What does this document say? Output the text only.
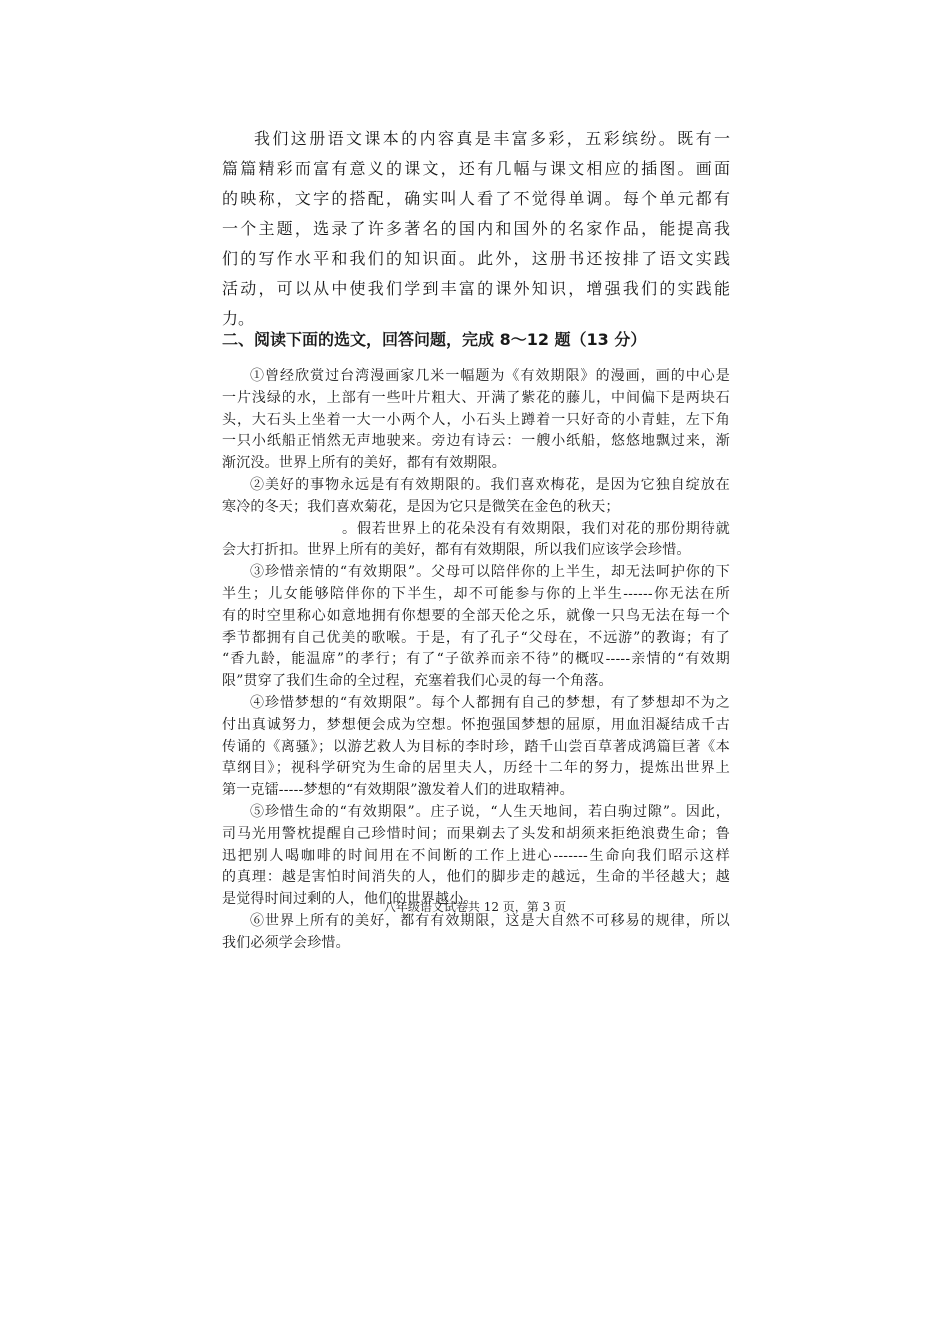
我们这册语文课本的内容真是丰富多彩，五彩缤纷。既有一
篇篇精彩而富有意义的课文，还有几幅与课文相应的插图。画面
的映称，文字的搭配，确实叫人看了不觉得单调。每个单元都有
一个主题，选录了许多著名的国内和国外的名家作品，能提高我
们的写作水平和我们的知识面。此外，这册书还按排了语文实践
活动，可以从中使我们学到丰富的课外知识，增强我们的实践能
力。
二、阅读下面的选文，回答问题，完成 8～12 题（13 分）
①曾经欣赏过台湾漫画家几米一幅题为《有效期限》的漫画，画的中心是
一片浅绿的水，上部有一些叶片粗大、开满了紫花的藤儿，中间偏下是两块石
头，大石头上坐着一大一小两个人，小石头上蹲着一只好奇的小青蛙，左下角
一只小纸船正悄然无声地驶来。旁边有诗云：一艘小纸船，悠悠地飘过来，渐
渐沉没。世界上所有的美好，都有有效期限。
②美好的事物永远是有有效期限的。我们喜欢梅花，是因为它独自绽放在
寒冷的冬天；我们喜欢菊花，是因为它只是微笑在金色的秋天；
。假若世界上的花朵没有有效期限，我们对花的那份期待就
会大打折扣。世界上所有的美好，都有有效期限，所以我们应该学会珍惜。
③珍惜亲情的“有效期限”。父母可以陪伴你的上半生，却无法呵护你的下
半生；儿女能够陪伴你的下半生，却不可能参与你的上半生------你无法在所
有的时空里称心如意地拥有你想要的全部天伦之乐，就像一只鸟无法在每一个
季节都拥有自己优美的歌喉。于是，有了孔子“父母在，不远游”的教诲；有了
“香九龄，能温席”的孝行；有了“子欲养而亲不待”的概叹-----亲情的“有效期
限”贯穿了我们生命的全过程，充塞着我们心灵的每一个角落。
④珍惜梦想的“有效期限”。每个人都拥有自己的梦想，有了梦想却不为之
付出真诚努力，梦想便会成为空想。怀抱强国梦想的屈原，用血泪凝结成千古
传诵的《离骚》；以游艺救人为目标的李时珍，踏千山尝百草著成鸿篇巨著《本
草纲目》；视科学研究为生命的居里夫人，历经十二年的努力，提炼出世界上
第一克镭-----梦想的“有效期限”激发着人们的进取精神。
⑤珍惜生命的“有效期限”。庄子说，“人生天地间，若白驹过隙”。因此，
司马光用警枕提醒自己珍惜时间；而果剃去了头发和胡须来拒绝浪费生命；鲁
迅把别人喝咖啡的时间用在不间断的工作上进心-------生命向我们昭示这样
的真理：越是害怕时间消失的人，他们的脚步走的越远，生命的半径越大；越
是觉得时间过剩的人，他们的世界越小。
⑥世界上所有的美好，都有有效期限，这是大自然不可移易的规律，所以
我们必须学会珍惜。
八年级语文试卷共 12 页，第 3 页
